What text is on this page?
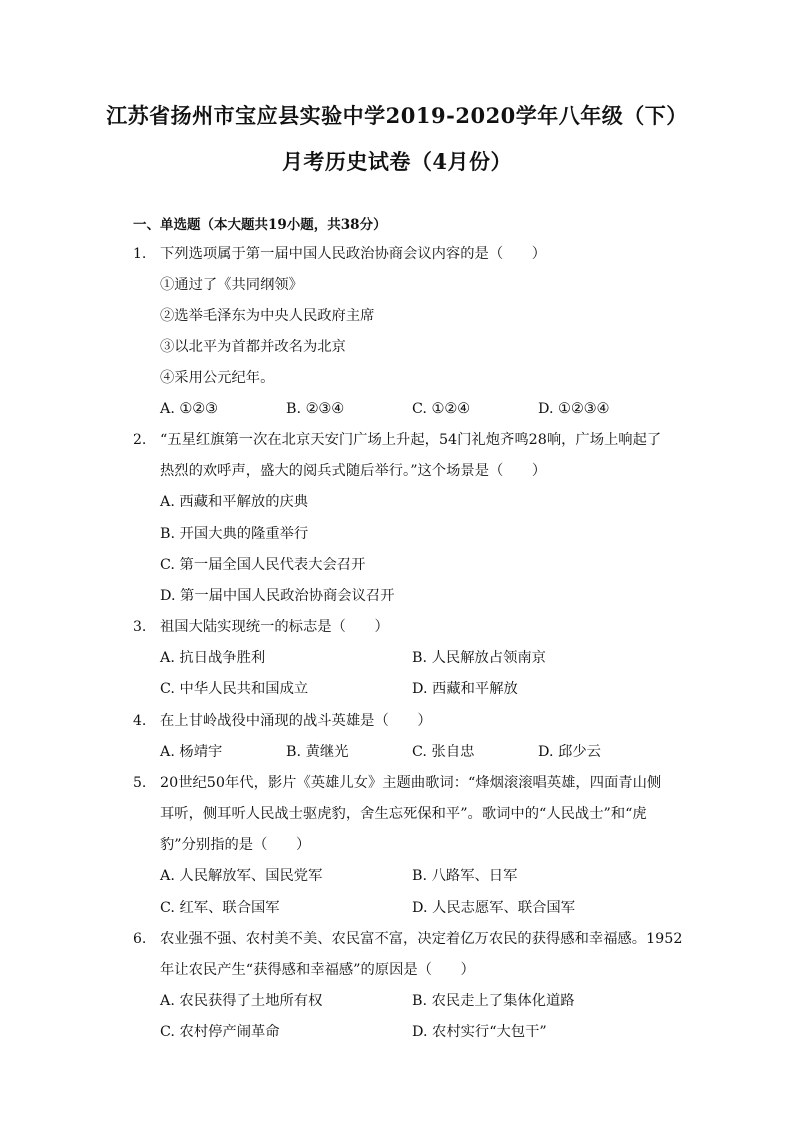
江苏省扬州市宝应县实验中学2019-2020学年八年级（下）
月考历史试卷（4月份）
一、单选题（本大题共19小题，共38分）
1. 下列选项属于第一届中国人民政治协商会议内容的是（　　）
①通过了《共同纲领》
②选举毛泽东为中央人民政府主席
③以北平为首都并改名为北京
④采用公元纪年。
A. ①②③	B. ②③④	C. ①②④	D. ①②③④
2. “五星红旗第一次在北京天安门广场上升起，54门礼炮齐鸣28响，广场上响起了
热烈的欢呼声，盛大的阅兵式随后举行。”这个场景是（　　）
A. 西藏和平解放的庆典
B. 开国大典的隆重举行
C. 第一届全国人民代表大会召开
D. 第一届中国人民政治协商会议召开
3. 祖国大陆实现统一的标志是（　　）
A. 抗日战争胜利	B. 人民解放占领南京
C. 中华人民共和国成立	D. 西藏和平解放
4. 在上甘岭战役中涌现的战斗英雄是（　　）
A. 杨靖宇	B. 黄继光	C. 张自忠	D. 邱少云
5. 20世纪50年代，影片《英雄儿女》主题曲歌词：“烽烟滚滚唱英雄，四面青山侧
耳听，侧耳听人民战士驱虎豹，舍生忘死保和平”。歌词中的“人民战士”和“虎
豹”分别指的是（　　）
A. 人民解放军、国民党军	B. 八路军、日军
C. 红军、联合国军	D. 人民志愿军、联合国军
6. 农业强不强、农村美不美、农民富不富，决定着亿万农民的获得感和幸福感。1952
年让农民产生“获得感和幸福感”的原因是（　　）
A. 农民获得了土地所有权	B. 农民走上了集体化道路
C. 农村停产闹革命	D. 农村实行“大包干”
